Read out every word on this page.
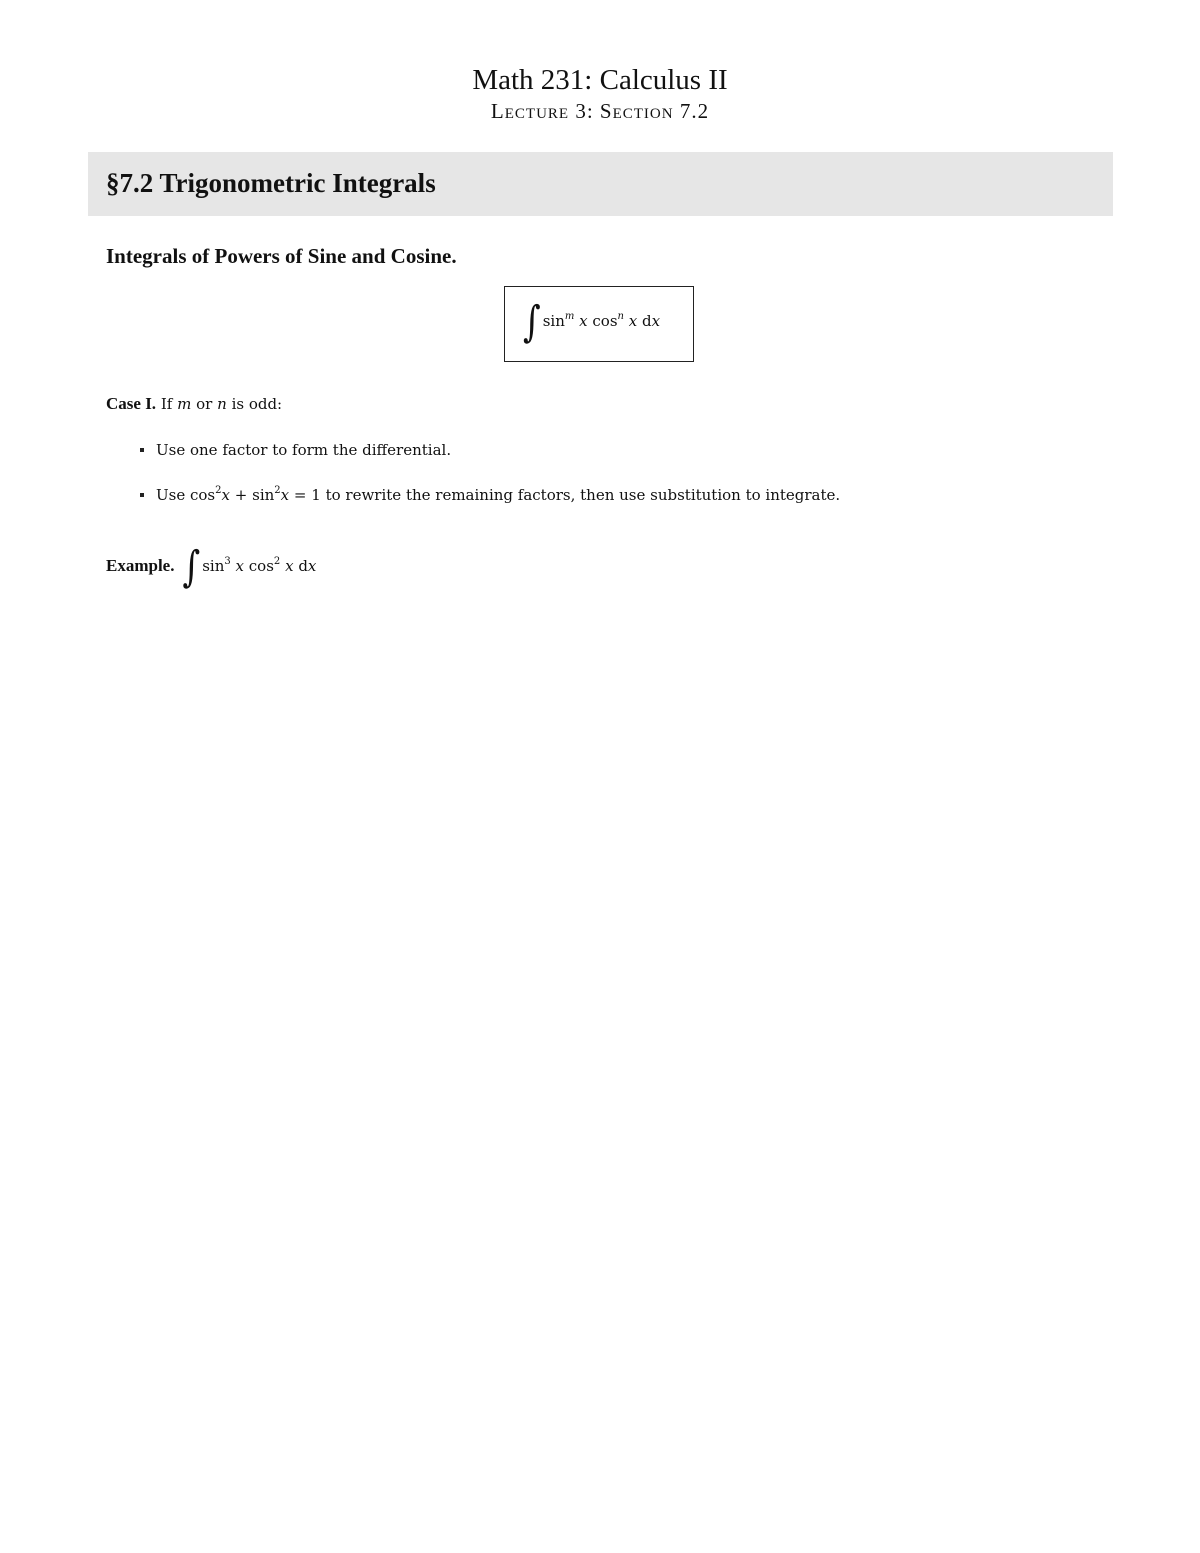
Math 231: Calculus II
Lecture 3: Section 7.2
§7.2 Trigonometric Integrals
Integrals of Powers of Sine and Cosine.
∫ $\sin^m x$ $\cos^n x$ dx
Case I. If m or n is odd:
Use one factor to form the differential.
Use $\cos^2x + \sin^2x = 1$ to rewrite the remaining factors, then use substitution to integrate.
Example. ∫ $\sin^3 x$ $\cos^2 x$ dx
